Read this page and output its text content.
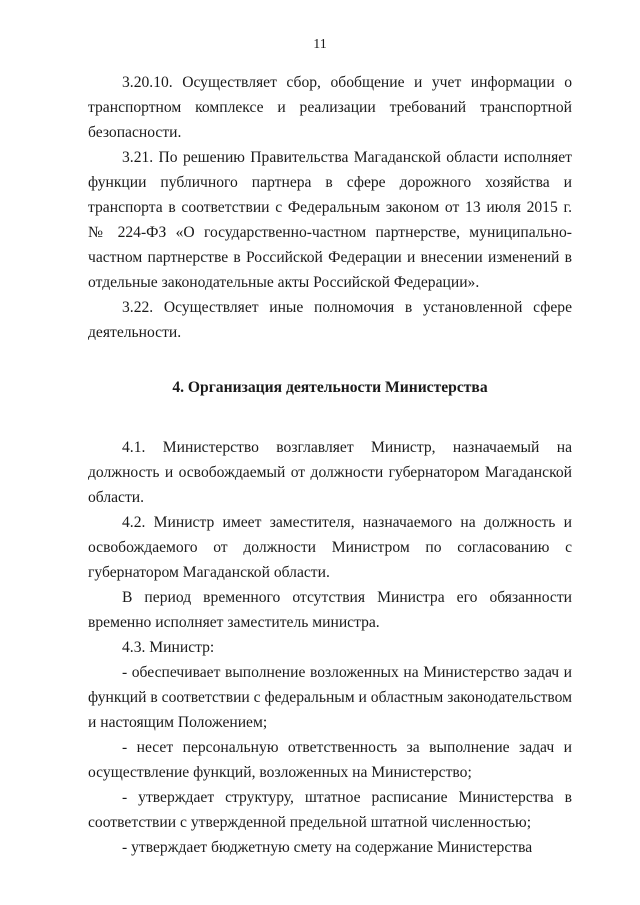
11

3.20.10. Осуществляет сбор, обобщение и учет информации о транспортном комплексе и реализации требований транспортной безопасности.

3.21. По решению Правительства Магаданской области исполняет функции публичного партнера в сфере дорожного хозяйства и транспорта в соответствии с Федеральным законом от 13 июля 2015 г. № 224-ФЗ «О государственно-частном партнерстве, муниципально-частном партнерстве в Российской Федерации и внесении изменений в отдельные законодательные акты Российской Федерации».

3.22. Осуществляет иные полномочия в установленной сфере деятельности.

4. Организация деятельности Министерства

4.1. Министерство возглавляет Министр, назначаемый на должность и освобождаемый от должности губернатором Магаданской области.

4.2. Министр имеет заместителя, назначаемого на должность и освобождаемого от должности Министром по согласованию с губернатором Магаданской области.

В период временного отсутствия Министра его обязанности временно исполняет заместитель министра.

4.3. Министр:

- обеспечивает выполнение возложенных на Министерство задач и функций в соответствии с федеральным и областным законодательством и настоящим Положением;

- несет персональную ответственность за выполнение задач и осуществление функций, возложенных на Министерство;

- утверждает структуру, штатное расписание Министерства в соответствии с утвержденной предельной штатной численностью;

- утверждает бюджетную смету на содержание Министерства
